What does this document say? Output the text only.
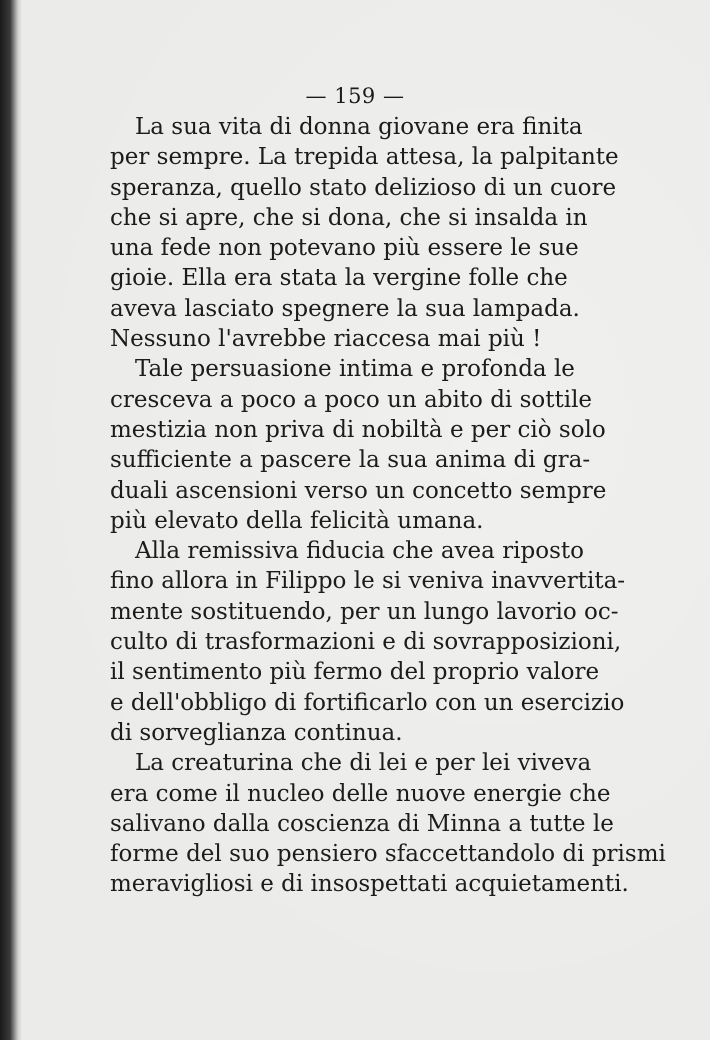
— 159 —
La sua vita di donna giovane era finita
per sempre. La trepida attesa, la palpitante
speranza, quello stato delizioso di un cuore
che si apre, che si dona, che si insalda in
una fede non potevano più essere le sue
gioie. Ella era stata la vergine folle che
aveva lasciato spegnere la sua lampada.
Nessuno l'avrebbe riaccesa mai più !
Tale persuasione intima e profonda le
cresceva a poco a poco un abito di sottile
mestizia non priva di nobiltà e per ciò solo
sufficiente a pascere la sua anima di gra-
duali ascensioni verso un concetto sempre
più elevato della felicità umana.
Alla remissiva fiducia che avea riposto
fino allora in Filippo le si veniva inavvertita-
mente sostituendo, per un lungo lavorio oc-
culto di trasformazioni e di sovrapposizioni,
il sentimento più fermo del proprio valore
e dell'obbligo di fortificarlo con un esercizio
di sorveglianza continua.
La creaturina che di lei e per lei viveva
era come il nucleo delle nuove energie che
salivano dalla coscienza di Minna a tutte le
forme del suo pensiero sfaccettandolo di prismi
meravigliosi e di insospettati acquietamenti.
